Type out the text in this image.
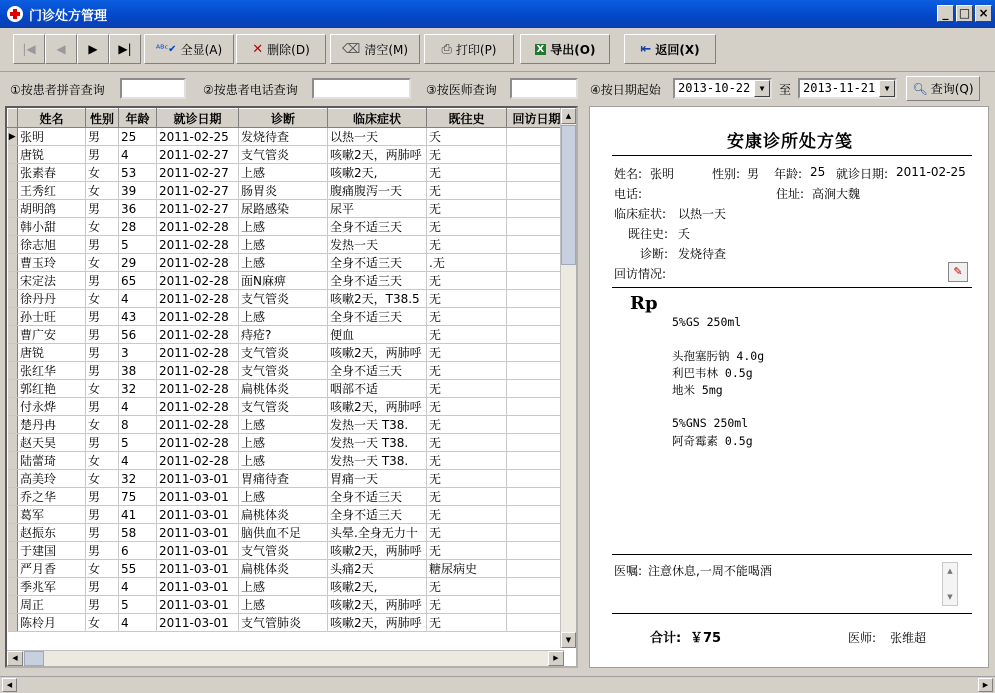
门诊处方管理	_ □ ×
|◀ ◀ ▶ ▶| ᴬᴮᶜ✔ 全显(A) ✕ 删除(D) ⌫ 清空(M)	⎙ 打印(P)	X 导出(O)	⇤ 返回(X)
①按患者拼音查询	②按患者电话查询	③按医师查询	④按日期起始	2013-10-22	▼	至 2013-11-21	▼	🔍︎ 查询(Q)
	姓名	性别	年龄	就诊日期	诊断	临床症状	既往史	回访日期
▶	张明	男	25	2011-02-25	发烧待查	以热一天	夭	
	唐锐	男	4	2011-02-27	支气管炎	咳嗽2天，两肺呼	无	
	张素春	女	53	2011-02-27	上感	咳嗽2天,	无	
	王秀红	女	39	2011-02-27	肠胃炎	腹痛腹泻一天	无	
	胡明鸽	男	36	2011-02-27	尿路感染	尿平	无	
	韩小甜	女	28	2011-02-28	上感	全身不适三天	无	
	徐志旭	男	5	2011-02-28	上感	发热一天	无	
	曹玉玲	女	29	2011-02-28	上感	全身不适三天	.无	
	宋定法	男	65	2011-02-28	面N麻痹	全身不适三天	无	
	徐丹丹	女	4	2011-02-28	支气管炎	咳嗽2天，T38.5	无	
	孙士旺	男	43	2011-02-28	上感	全身不适三天	无	
	曹广安	男	56	2011-02-28	痔疮?	便血	无	
	唐锐	男	3	2011-02-28	支气管炎	咳嗽2天，两肺呼	无	
	张红华	男	38	2011-02-28	支气管炎	全身不适三天	无	
	郭红艳	女	32	2011-02-28	扁桃体炎	咽部不适	无	
	付永烨	男	4	2011-02-28	支气管炎	咳嗽2天，两肺呼	无	
	楚丹冉	女	8	2011-02-28	上感	发热一天 T38.	无	
	赵天昊	男	5	2011-02-28	上感	发热一天 T38.	无	
	陆蕾琦	女	4	2011-02-28	上感	发热一天 T38.	无	
	高美玲	女	32	2011-03-01	胃痛待查	胃痛一天	无	
	乔之华	男	75	2011-03-01	上感	全身不适三天	无	
	葛军	男	41	2011-03-01	扁桃体炎	全身不适三天	无	
	赵振东	男	58	2011-03-01	脑供血不足	头晕.全身无力十	无	
	于建国	男	6	2011-03-01	支气管炎	咳嗽2天，两肺呼	无	
	严月香	女	55	2011-03-01	扁桃体炎	头痛2天	糖尿病史	
	季兆军	男	4	2011-03-01	上感	咳嗽2天,	无	
	周正	男	5	2011-03-01	上感	咳嗽2天，两肺呼	无	
	陈柃月	女	4	2011-03-01	支气管肺炎	咳嗽2天，两肺呼	无	
▲
▼
◀	▶
安康诊所处方笺
姓名: 张明	性别: 男 年龄: 25 就诊日期: 2011-02-25
电话:	住址: 高涧大魏
临床症状: 以热一天
既往史: 夭
诊断: 发烧待查
回访情况:	✎
Rp
5%GS 250ml
头孢塞肟钠 4.0g
利巴韦林 0.5g
地米 5mg
5%GNS 250ml
阿奇霉素 0.5g
医嘱: 注意休息,一周不能喝酒	▲
▼
合计: ￥75	医师: 张维超
◀	▶
